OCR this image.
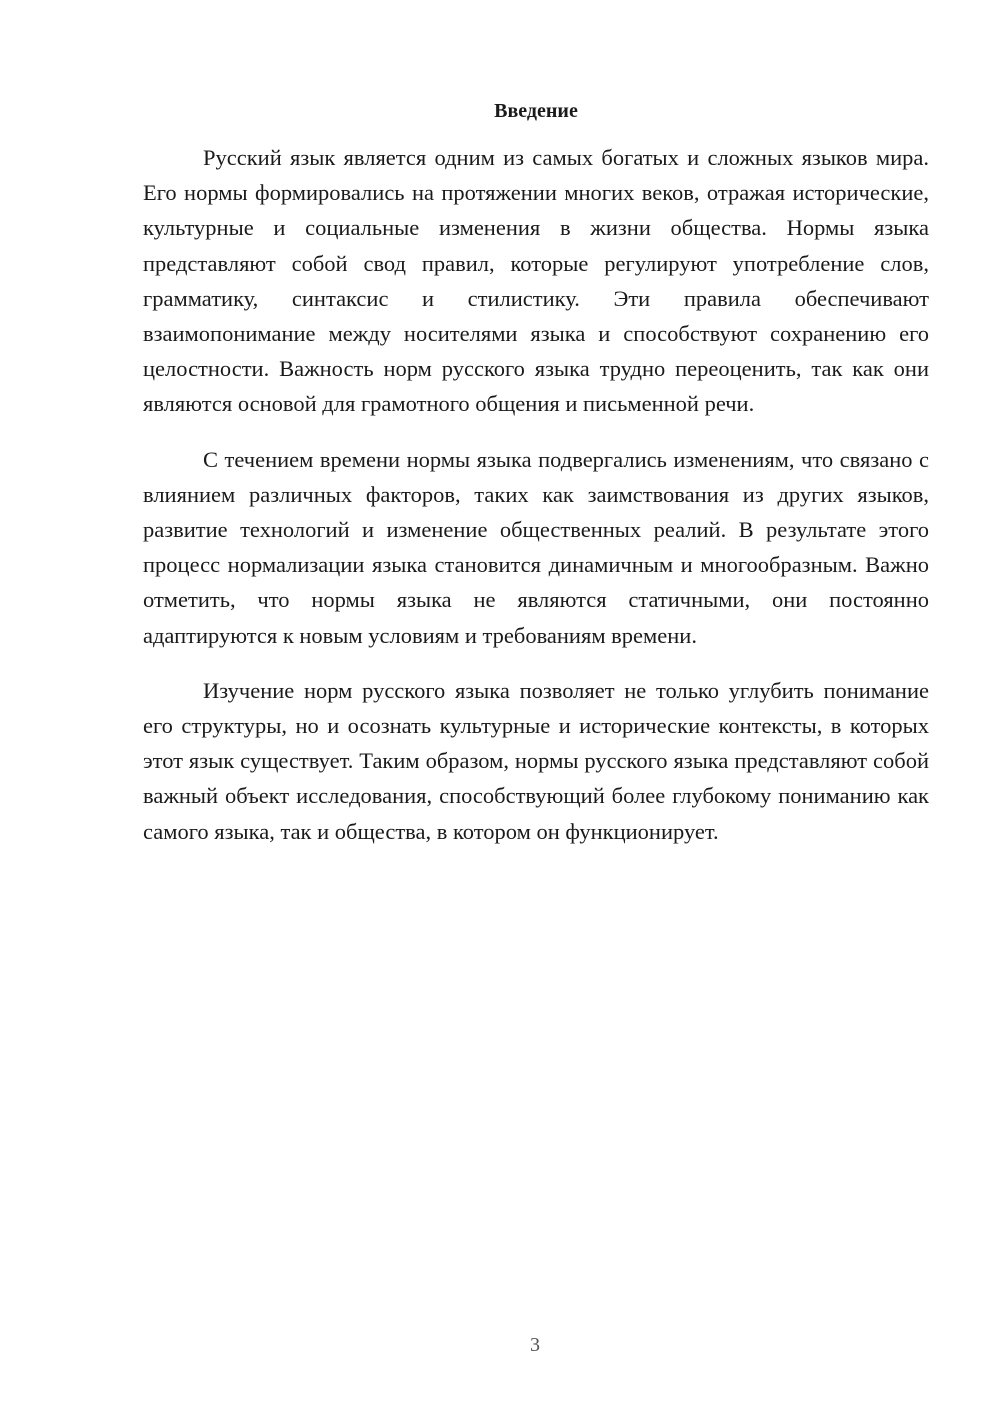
Введение

Русский язык является одним из самых богатых и сложных языков мира. Его нормы формировались на протяжении многих веков, отражая исторические, культурные и социальные изменения в жизни общества. Нормы языка представляют собой свод правил, которые регулируют употребление слов, грамматику, синтаксис и стилистику. Эти правила обеспечивают взаимопонимание между носителями языка и способствуют сохранению его целостности. Важность норм русского языка трудно переоценить, так как они являются основой для грамотного общения и письменной речи.

С течением времени нормы языка подвергались изменениям, что связано с влиянием различных факторов, таких как заимствования из других языков, развитие технологий и изменение общественных реалий. В результате этого процесс нормализации языка становится динамичным и многообразным. Важно отметить, что нормы языка не являются статичными, они постоянно адаптируются к новым условиям и требованиям времени.

Изучение норм русского языка позволяет не только углубить понимание его структуры, но и осознать культурные и исторические контексты, в которых этот язык существует. Таким образом, нормы русского языка представляют собой важный объект исследования, способствующий более глубокому пониманию как самого языка, так и общества, в котором он функционирует.

3
